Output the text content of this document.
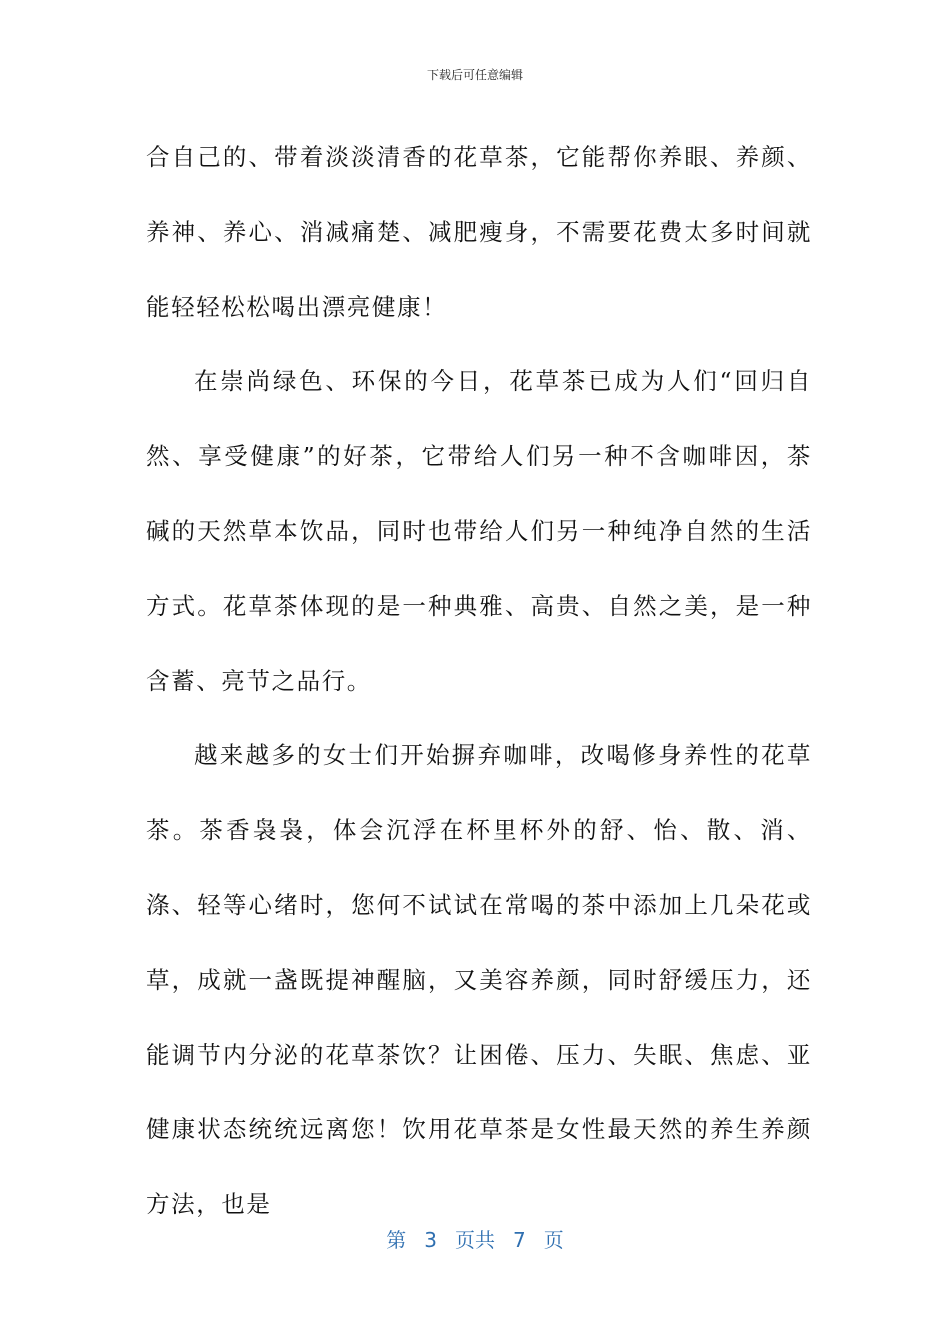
下载后可任意编辑

合自己的、带着淡淡清香的花草茶，它能帮你养眼、养颜、养神、养心、消减痛楚、减肥瘦身，不需要花费太多时间就能轻轻松松喝出漂亮健康！

在崇尚绿色、环保的今日，花草茶已成为人们“回归自然、享受健康”的好茶，它带给人们另一种不含咖啡因，茶碱的天然草本饮品，同时也带给人们另一种纯净自然的生活方式。花草茶体现的是一种典雅、高贵、自然之美，是一种含蓄、亮节之品行。

越来越多的女士们开始摒弃咖啡，改喝修身养性的花草茶。茶香袅袅，体会沉浮在杯里杯外的舒、怡、散、消、涤、轻等心绪时，您何不试试在常喝的茶中添加上几朵花或草，成就一盏既提神醒脑，又美容养颜，同时舒缓压力，还能调节内分泌的花草茶饮？让困倦、压力、失眠、焦虑、亚健康状态统统远离您！饮用花草茶是女性最天然的养生养颜方法，也是

第 3 页共 7 页
